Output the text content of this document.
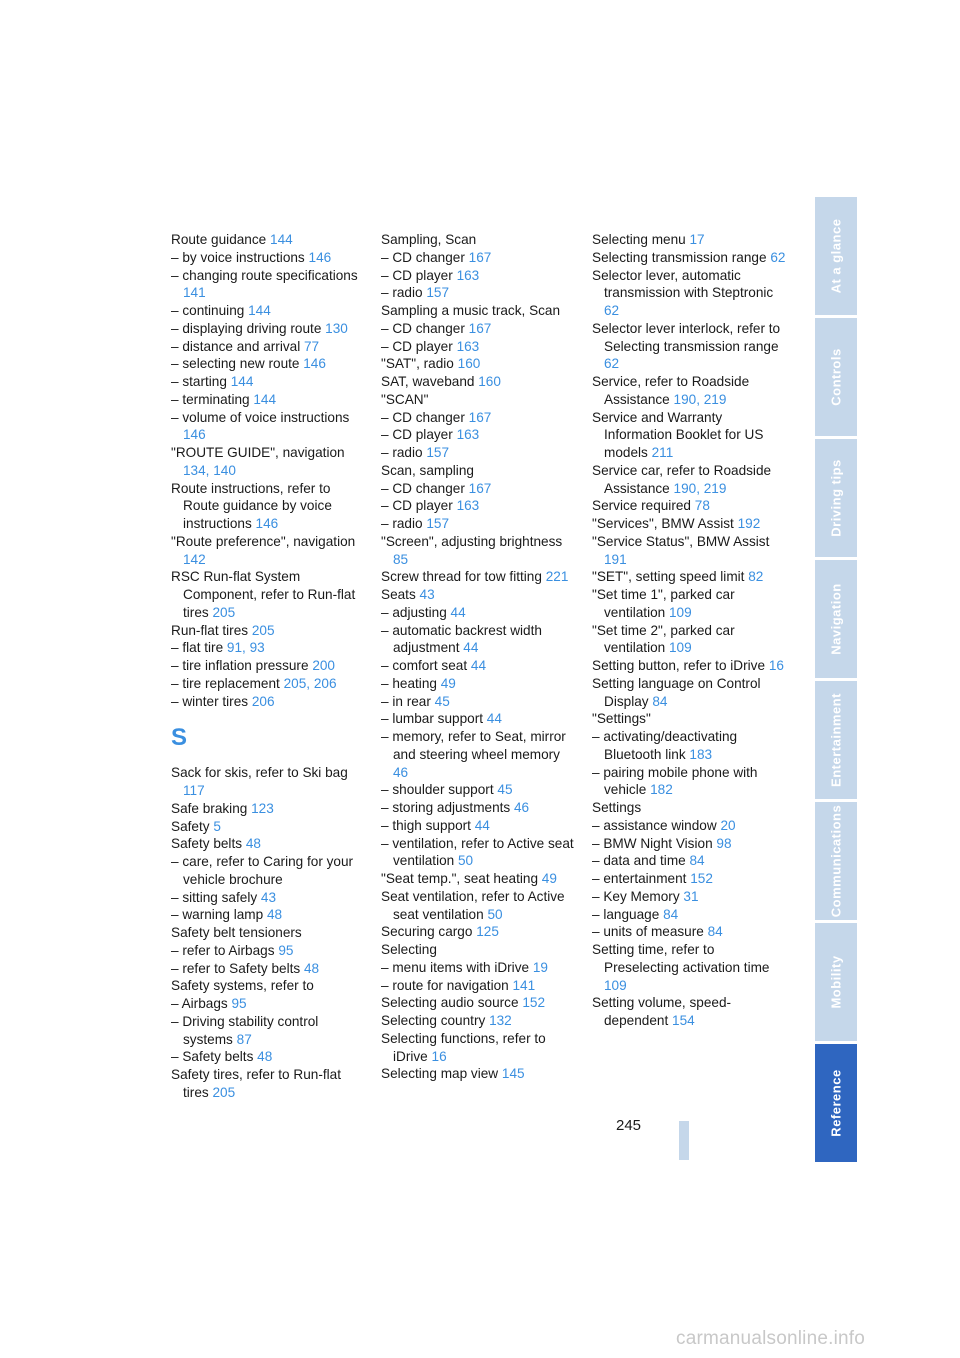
Route guidance 144
– by voice instructions 146
– changing route specifications 141
– continuing 144
– displaying driving route 130
– distance and arrival 77
– selecting new route 146
– starting 144
– terminating 144
– volume of voice instructions 146
"ROUTE GUIDE", navigation 134, 140
Route instructions, refer to Route guidance by voice instructions 146
"Route preference", navigation 142
RSC Run-flat System Component, refer to Run-flat tires 205
Run-flat tires 205
– flat tire 91, 93
– tire inflation pressure 200
– tire replacement 205, 206
– winter tires 206
S
Sack for skis, refer to Ski bag 117
Safe braking 123
Safety 5
Safety belts 48
– care, refer to Caring for your vehicle brochure
– sitting safely 43
– warning lamp 48
Safety belt tensioners
– refer to Airbags 95
– refer to Safety belts 48
Safety systems, refer to
– Airbags 95
– Driving stability control systems 87
– Safety belts 48
Safety tires, refer to Run-flat tires 205
Sampling, Scan
– CD changer 167
– CD player 163
– radio 157
Sampling a music track, Scan
– CD changer 167
– CD player 163
"SAT", radio 160
SAT, waveband 160
"SCAN"
– CD changer 167
– CD player 163
– radio 157
Scan, sampling
– CD changer 167
– CD player 163
– radio 157
"Screen", adjusting brightness 85
Screw thread for tow fitting 221
Seats 43
– adjusting 44
– automatic backrest width adjustment 44
– comfort seat 44
– heating 49
– in rear 45
– lumbar support 44
– memory, refer to Seat, mirror and steering wheel memory 46
– shoulder support 45
– storing adjustments 46
– thigh support 44
– ventilation, refer to Active seat ventilation 50
"Seat temp.", seat heating 49
Seat ventilation, refer to Active seat ventilation 50
Securing cargo 125
Selecting
– menu items with iDrive 19
– route for navigation 141
Selecting audio source 152
Selecting country 132
Selecting functions, refer to iDrive 16
Selecting map view 145
Selecting menu 17
Selecting transmission range 62
Selector lever, automatic transmission with Steptronic 62
Selector lever interlock, refer to Selecting transmission range 62
Service, refer to Roadside Assistance 190, 219
Service and Warranty Information Booklet for US models 211
Service car, refer to Roadside Assistance 190, 219
Service required 78
"Services", BMW Assist 192
"Service Status", BMW Assist 191
"SET", setting speed limit 82
"Set time 1", parked car ventilation 109
"Set time 2", parked car ventilation 109
Setting button, refer to iDrive 16
Setting language on Control Display 84
"Settings"
– activating/deactivating Bluetooth link 183
– pairing mobile phone with vehicle 182
Settings
– assistance window 20
– BMW Night Vision 98
– data and time 84
– entertainment 152
– Key Memory 31
– language 84
– units of measure 84
Setting time, refer to Preselecting activation time 109
Setting volume, speed-dependent 154
At a glance
Controls
Driving tips
Navigation
Entertainment
Communications
Mobility
Reference
245
carmanualsonline.info
